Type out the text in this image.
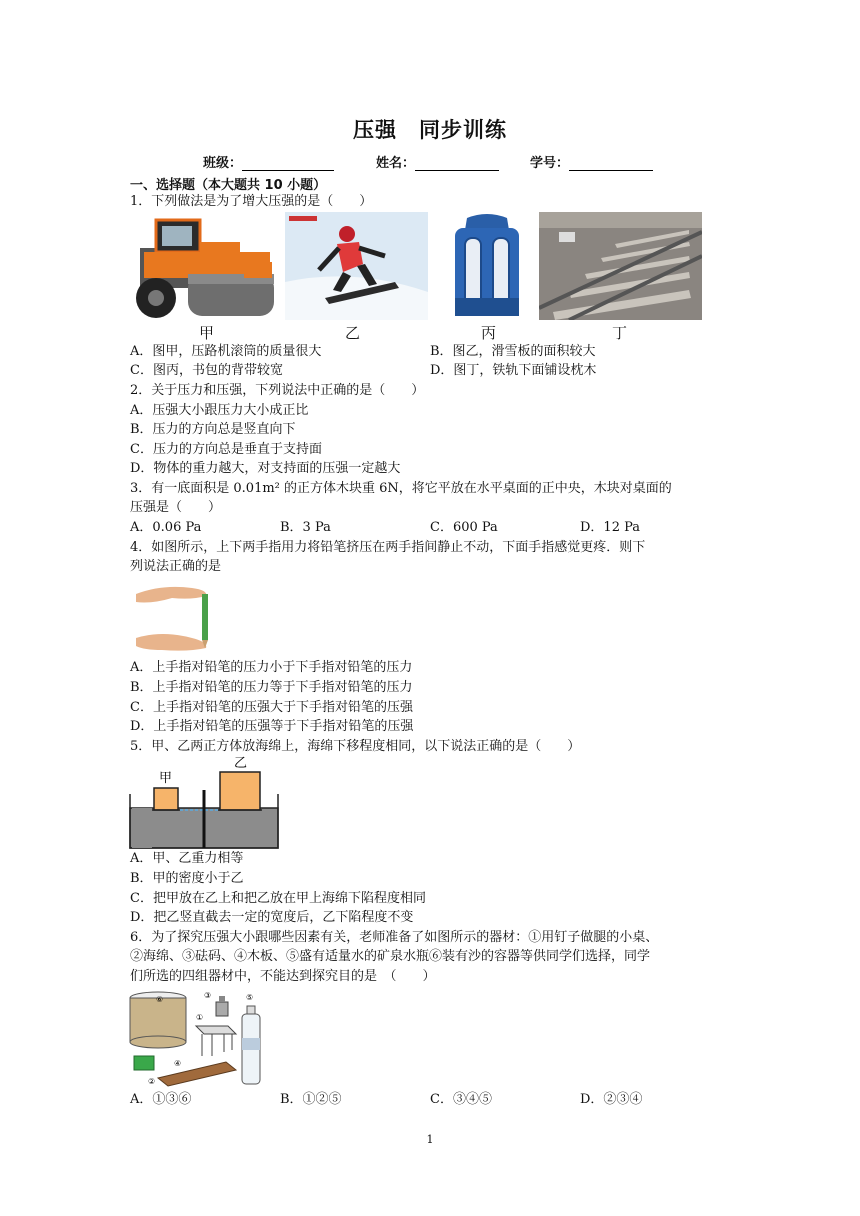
压强　同步训练
班级：	姓名：	学号：
一、选择题（本大题共 10 小题）
1．下列做法是为了增大压强的是（　　）
甲	乙	丙	丁
A．图甲，压路机滚筒的质量很大	B．图乙，滑雪板的面积较大
C．图丙，书包的背带较宽	D．图丁，铁轨下面铺设枕木
2．关于压力和压强，下列说法中正确的是（　　）
A．压强大小跟压力大小成正比
B．压力的方向总是竖直向下
C．压力的方向总是垂直于支持面
D．物体的重力越大，对支持面的压强一定越大
3．有一底面积是 0.01m² 的正方体木块重 6N，将它平放在水平桌面的正中央，木块对桌面的
压强是（　　）
A．0.06 Pa	B．3 Pa	C．600 Pa	D．12 Pa
4．如图所示，上下两手指用力将铅笔挤压在两手指间静止不动，下面手指感觉更疼．则下
列说法正确的是
A．上手指对铅笔的压力小于下手指对铅笔的压力
B．上手指对铅笔的压力等于下手指对铅笔的压力
C．上手指对铅笔的压强大于下手指对铅笔的压强
D．上手指对铅笔的压强等于下手指对铅笔的压强
5．甲、乙两正方体放海绵上，海绵下移程度相同，以下说法正确的是（　　）
甲
乙
A．甲、乙重力相等
B．甲的密度小于乙
C．把甲放在乙上和把乙放在甲上海绵下陷程度相同
D．把乙竖直截去一定的宽度后，乙下陷程度不变
6．为了探究压强大小跟哪些因素有关，老师准备了如图所示的器材：①用钉子做腿的小桌、
②海绵、③砝码、④木板、⑤盛有适量水的矿泉水瓶⑥装有沙的容器等供同学们选择，同学
们所选的四组器材中，不能达到探究目的是　（　　）
⑥	③
①
⑤
④
②
A．①③⑥	B．①②⑤	C．③④⑤	D．②③④
1
